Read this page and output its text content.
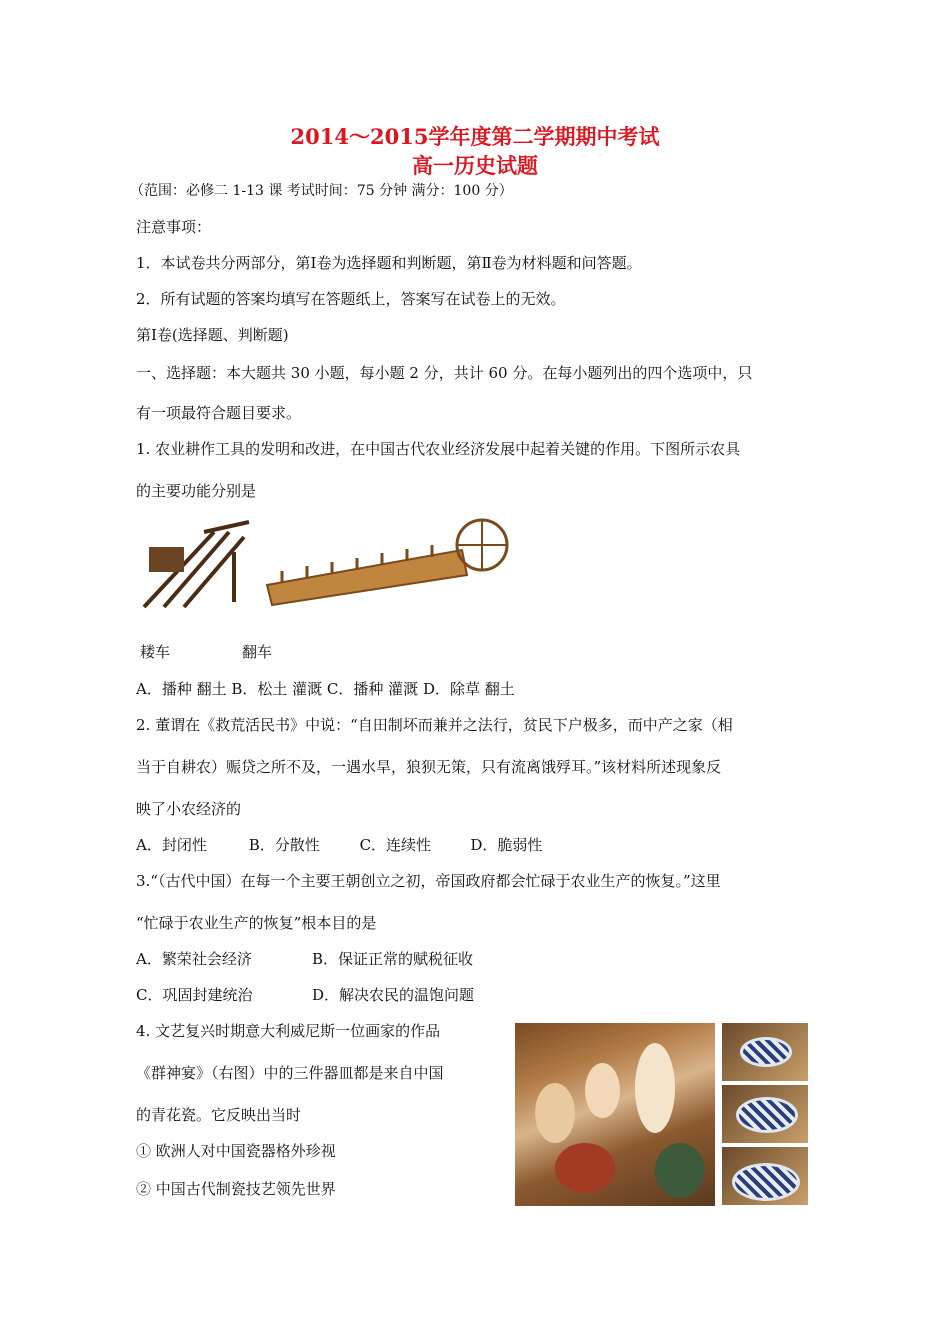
2014～2015学年度第二学期期中考试
高一历史试题
（范围：必修二 1-13 课 考试时间：75 分钟 满分：100 分）
注意事项：
1．本试卷共分两部分，第Ⅰ卷为选择题和判断题，第Ⅱ卷为材料题和问答题。
2．所有试题的答案均填写在答题纸上，答案写在试卷上的无效。
第Ⅰ卷(选择题、判断题)
一、选择题：本大题共 30 小题，每小题 2 分，共计 60 分。在每小题列出的四个选项中，只
有一项最符合题目要求。
1. 农业耕作工具的发明和改进，在中国古代农业经济发展中起着关键的作用。下图所示农具
的主要功能分别是
耧车	翻车
A．播种 翻土 B．松土 灌溉 C．播种 灌溉 D．除草 翻土
2. 董谓在《救荒活民书》中说：“自田制坏而兼并之法行，贫民下户极多，而中产之家（相
当于自耕农）赈贷之所不及，一遇水旱，狼狈无策，只有流离饿殍耳。”该材料所述现象反
映了小农经济的
A．封闭性	B．分散性	C．连续性	D．脆弱性
3.“（古代中国）在每一个主要王朝创立之初，帝国政府都会忙碌于农业生产的恢复。”这里
“忙碌于农业生产的恢复”根本目的是
A．繁荣社会经济	B．保证正常的赋税征收
C．巩固封建统治	D．解决农民的温饱问题
4. 文艺复兴时期意大利威尼斯一位画家的作品
《群神宴》（右图）中的三件器皿都是来自中国
的青花瓷。它反映出当时
① 欧洲人对中国瓷器格外珍视
② 中国古代制瓷技艺领先世界
